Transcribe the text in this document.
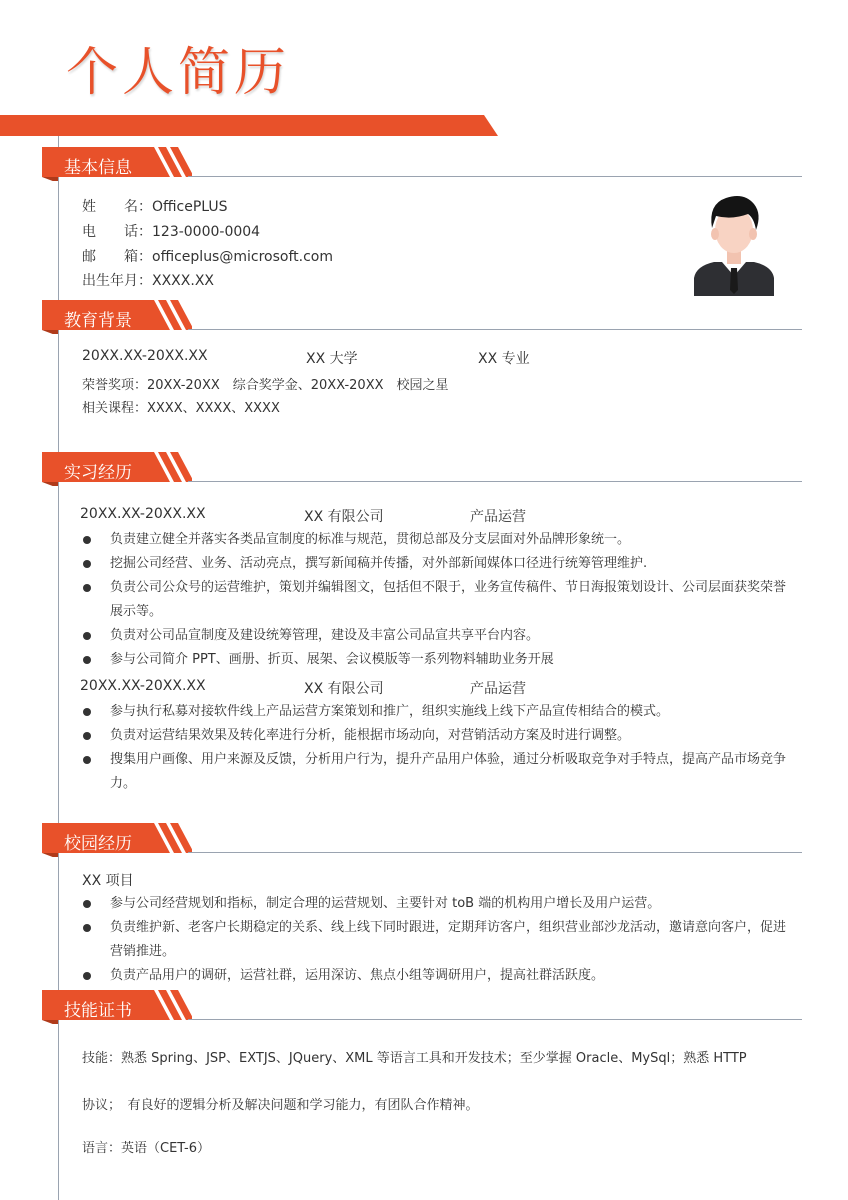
个人简历
基本信息
姓　　名：OfficePLUS
电　　话：123-0000-0004
邮　　箱：officeplus@microsoft.com
出生年月：XXXX.XX
教育背景
20XX.XX-20XX.XX	XX 大学	XX 专业
荣誉奖项：20XX-20XX　综合奖学金、20XX-20XX　校园之星
相关课程：XXXX、XXXX、XXXX
实习经历
20XX.XX-20XX.XX	XX 有限公司	产品运营
负责建立健全并落实各类品宣制度的标准与规范，贯彻总部及分支层面对外品牌形象统一。
挖掘公司经营、业务、活动亮点，撰写新闻稿并传播，对外部新闻媒体口径进行统筹管理维护.
负责公司公众号的运营维护，策划并编辑图文，包括但不限于，业务宣传稿件、节日海报策划设计、公司层面获奖荣誉展示等。
负责对公司品宣制度及建设统筹管理，建设及丰富公司品宣共享平台内容。
参与公司简介 PPT、画册、折页、展架、会议模版等一系列物料辅助业务开展
20XX.XX-20XX.XX	XX 有限公司	产品运营
参与执行私募对接软件线上产品运营方案策划和推广，组织实施线上线下产品宣传相结合的模式。
负责对运营结果效果及转化率进行分析，能根据市场动向，对营销活动方案及时进行调整。
搜集用户画像、用户来源及反馈，分析用户行为，提升产品用户体验，通过分析吸取竞争对手特点，提高产品市场竞争力。
校园经历
XX 项目
参与公司经营规划和指标，制定合理的运营规划、主要针对 toB 端的机构用户增长及用户运营。
负责维护新、老客户长期稳定的关系、线上线下同时跟进，定期拜访客户，组织营业部沙龙活动，邀请意向客户，促进营销推进。
负责产品用户的调研，运营社群，运用深访、焦点小组等调研用户，提高社群活跃度。
技能证书
技能：熟悉 Spring、JSP、EXTJS、JQuery、XML 等语言工具和开发技术；至少掌握 Oracle、MySql；熟悉 HTTP
协议；　有良好的逻辑分析及解决问题和学习能力，有团队合作精神。
语言：英语（CET-6）
